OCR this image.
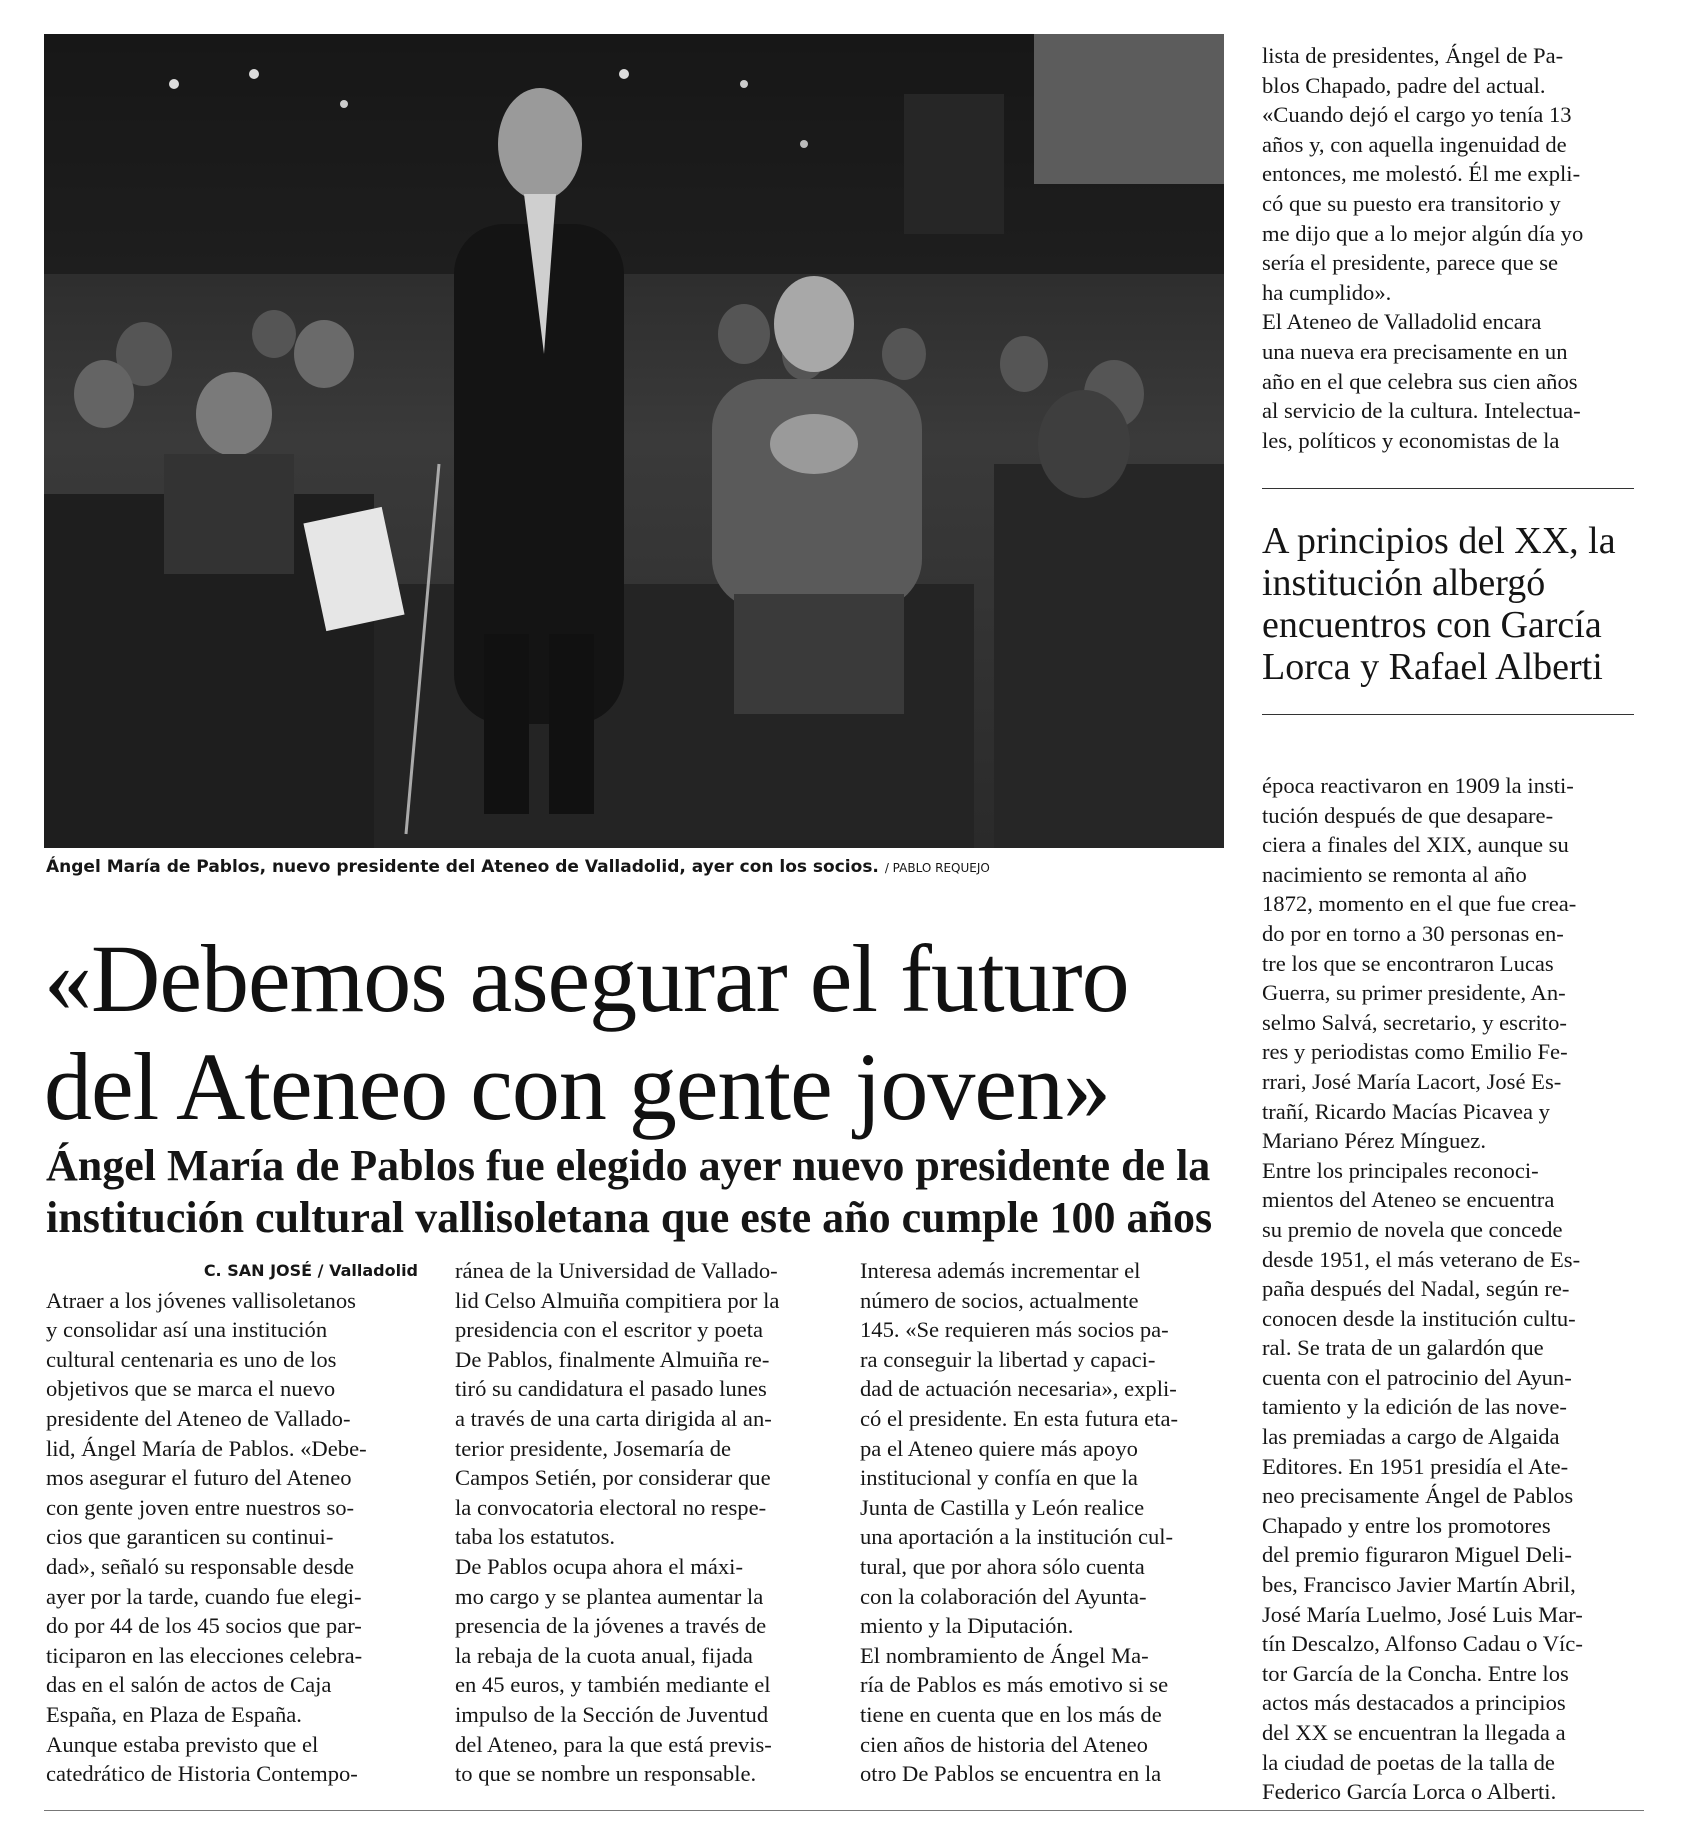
Ángel María de Pablos, nuevo presidente del Ateneo de Valladolid, ayer con los socios. / PABLO REQUEJO
«Debemos asegurar el futuro
del Ateneo con gente joven»
Ángel María de Pablos fue elegido ayer nuevo presidente de la
institución cultural vallisoletana que este año cumple 100 años
C. SAN JOSÉ / Valladolid
Atraer a los jóvenes vallisoletanos
y consolidar así una institución
cultural centenaria es uno de los
objetivos que se marca el nuevo
presidente del Ateneo de Vallado-
lid, Ángel María de Pablos. «Debe-
mos asegurar el futuro del Ateneo
con gente joven entre nuestros so-
cios que garanticen su continui-
dad», señaló su responsable desde
ayer por la tarde, cuando fue elegi-
do por 44 de los 45 socios que par-
ticiparon en las elecciones celebra-
das en el salón de actos de Caja
España, en Plaza de España.
Aunque estaba previsto que el
catedrático de Historia Contempo-
ránea de la Universidad de Vallado-
lid Celso Almuiña compitiera por la
presidencia con el escritor y poeta
De Pablos, finalmente Almuiña re-
tiró su candidatura el pasado lunes
a través de una carta dirigida al an-
terior presidente, Josemaría de
Campos Setién, por considerar que
la convocatoria electoral no respe-
taba los estatutos.
De Pablos ocupa ahora el máxi-
mo cargo y se plantea aumentar la
presencia de la jóvenes a través de
la rebaja de la cuota anual, fijada
en 45 euros, y también mediante el
impulso de la Sección de Juventud
del Ateneo, para la que está previs-
to que se nombre un responsable.
Interesa además incrementar el
número de socios, actualmente
145. «Se requieren más socios pa-
ra conseguir la libertad y capaci-
dad de actuación necesaria», expli-
có el presidente. En esta futura eta-
pa el Ateneo quiere más apoyo
institucional y confía en que la
Junta de Castilla y León realice
una aportación a la institución cul-
tural, que por ahora sólo cuenta
con la colaboración del Ayunta-
miento y la Diputación.
El nombramiento de Ángel Ma-
ría de Pablos es más emotivo si se
tiene en cuenta que en los más de
cien años de historia del Ateneo
otro De Pablos se encuentra en la
lista de presidentes, Ángel de Pa-
blos Chapado, padre del actual.
«Cuando dejó el cargo yo tenía 13
años y, con aquella ingenuidad de
entonces, me molestó. Él me expli-
có que su puesto era transitorio y
me dijo que a lo mejor algún día yo
sería el presidente, parece que se
ha cumplido».
El Ateneo de Valladolid encara
una nueva era precisamente en un
año en el que celebra sus cien años
al servicio de la cultura. Intelectua-
les, políticos y economistas de la
A principios del XX, la
institución albergó
encuentros con García
Lorca y Rafael Alberti
época reactivaron en 1909 la insti-
tución después de que desapare-
ciera a finales del XIX, aunque su
nacimiento se remonta al año
1872, momento en el que fue crea-
do por en torno a 30 personas en-
tre los que se encontraron Lucas
Guerra, su primer presidente, An-
selmo Salvá, secretario, y escrito-
res y periodistas como Emilio Fe-
rrari, José María Lacort, José Es-
trañí, Ricardo Macías Picavea y
Mariano Pérez Mínguez.
Entre los principales reconoci-
mientos del Ateneo se encuentra
su premio de novela que concede
desde 1951, el más veterano de Es-
paña después del Nadal, según re-
conocen desde la institución cultu-
ral. Se trata de un galardón que
cuenta con el patrocinio del Ayun-
tamiento y la edición de las nove-
las premiadas a cargo de Algaida
Editores. En 1951 presidía el Ate-
neo precisamente Ángel de Pablos
Chapado y entre los promotores
del premio figuraron Miguel Deli-
bes, Francisco Javier Martín Abril,
José María Luelmo, José Luis Mar-
tín Descalzo, Alfonso Cadau o Víc-
tor García de la Concha. Entre los
actos más destacados a principios
del XX se encuentran la llegada a
la ciudad de poetas de la talla de
Federico García Lorca o Alberti.
